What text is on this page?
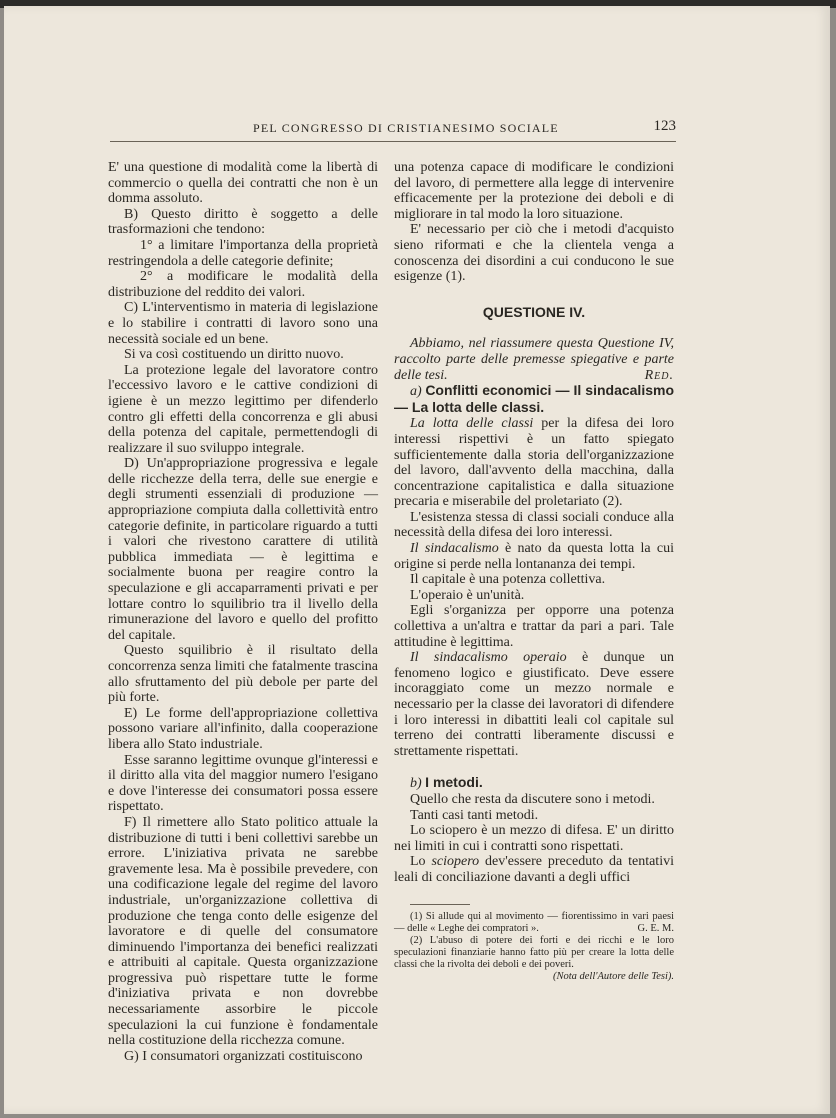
PEL CONGRESSO DI CRISTIANESIMO SOCIALE	123

E' una questione di modalità come la libertà di commercio o quella dei contratti che non è un domma assoluto.

B) Questo diritto è soggetto a delle trasformazioni che tendono:

1° a limitare l'importanza della proprietà restringendola a delle categorie definite;

2° a modificare le modalità della distribuzione del reddito dei valori.

C) L'interventismo in materia di legislazione e lo stabilire i contratti di lavoro sono una necessità sociale ed un bene.

Si va così costituendo un diritto nuovo.

La protezione legale del lavoratore contro l'eccessivo lavoro e le cattive condizioni di igiene è un mezzo legittimo per difenderlo contro gli effetti della concorrenza e gli abusi della potenza del capitale, permettendogli di realizzare il suo sviluppo integrale.

D) Un'appropriazione progressiva e legale delle ricchezze della terra, delle sue energie e degli strumenti essenziali di produzione — appropriazione compiuta dalla collettività entro categorie definite, in particolare riguardo a tutti i valori che rivestono carattere di utilità pubblica immediata — è legittima e socialmente buona per reagire contro la speculazione e gli accaparramenti privati e per lottare contro lo squilibrio tra il livello della rimunerazione del lavoro e quello del profitto del capitale.

Questo squilibrio è il risultato della concorrenza senza limiti che fatalmente trascina allo sfruttamento del più debole per parte del più forte.

E) Le forme dell'appropriazione collettiva possono variare all'infinito, dalla cooperazione libera allo Stato industriale.

Esse saranno legittime ovunque gl'interessi e il diritto alla vita del maggior numero l'esigano e dove l'interesse dei consumatori possa essere rispettato.

F) Il rimettere allo Stato politico attuale la distribuzione di tutti i beni collettivi sarebbe un errore. L'iniziativa privata ne sarebbe gravemente lesa. Ma è possibile prevedere, con una codificazione legale del regime del lavoro industriale, un'organizzazione collettiva di produzione che tenga conto delle esigenze del lavoratore e di quelle del consumatore diminuendo l'importanza dei benefici realizzati e attribuiti al capitale. Questa organizzazione progressiva può rispettare tutte le forme d'iniziativa privata e non dovrebbe necessariamente assorbire le piccole speculazioni la cui funzione è fondamentale nella costituzione della ricchezza comune.

G) I consumatori organizzati costituiscono

una potenza capace di modificare le condizioni del lavoro, di permettere alla legge di intervenire efficacemente per la protezione dei deboli e di migliorare in tal modo la loro situazione.

E' necessario per ciò che i metodi d'acquisto sieno riformati e che la clientela venga a conoscenza dei disordini a cui conducono le sue esigenze (1).

QUESTIONE IV.

Abbiamo, nel riassumere questa Questione IV, raccolto parte delle premesse spiegative e parte delle tesi.	Red.

a) Conflitti economici — Il sindacalismo — La lotta delle classi.

La lotta delle classi per la difesa dei loro interessi rispettivi è un fatto spiegato sufficientemente dalla storia dell'organizzazione del lavoro, dall'avvento della macchina, dalla concentrazione capitalistica e dalla situazione precaria e miserabile del proletariato (2).

L'esistenza stessa di classi sociali conduce alla necessità della difesa dei loro interessi.

Il sindacalismo è nato da questa lotta la cui origine si perde nella lontananza dei tempi.

Il capitale è una potenza collettiva.

L'operaio è un'unità.

Egli s'organizza per opporre una potenza collettiva a un'altra e trattar da pari a pari. Tale attitudine è legittima.

Il sindacalismo operaio è dunque un fenomeno logico e giustificato. Deve essere incoraggiato come un mezzo normale e necessario per la classe dei lavoratori di difendere i loro interessi in dibattiti leali col capitale sul terreno dei contratti liberamente discussi e strettamente rispettati.

b) I metodi.

Quello che resta da discutere sono i metodi.

Tanti casi tanti metodi.

Lo sciopero è un mezzo di difesa. E' un diritto nei limiti in cui i contratti sono rispettati.

Lo sciopero dev'essere preceduto da tentativi leali di conciliazione davanti a degli uffici

(1) Si allude qui al movimento — fiorentissimo in vari paesi — delle « Leghe dei compratori ».	G. E. M.

(2) L'abuso di potere dei forti e dei ricchi e le loro speculazioni finanziarie hanno fatto più per creare la lotta delle classi che la rivolta dei deboli e dei poveri.

(Nota dell'Autore delle Tesi).
